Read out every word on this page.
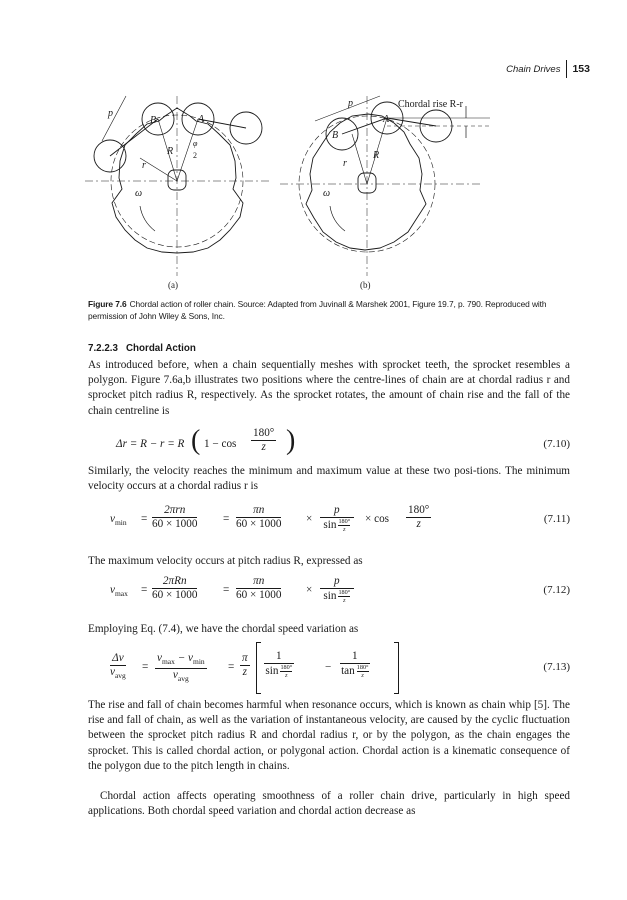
Chain Drives 153
p
B	A
φ
2
R
r
ω
(a)
p	Chordal rise R-r
B
A
R
r
ω
(b)
Figure 7.6 Chordal action of roller chain. Source: Adapted from Juvinall & Marshek 2001, Figure 19.7, p. 790. Reproduced with permission of John Wiley & Sons, Inc.
7.2.2.3 Chordal Action
As introduced before, when a chain sequentially meshes with sprocket teeth, the sprocket resembles a polygon. Figure 7.6a,b illustrates two positions where the centre-lines of chain are at chordal radius r and sprocket pitch radius R, respectively. As the sprocket rotates, the amount of chain rise and the fall of the chain centreline is
Δr = R − r = R ( $1 - \cos \frac{180^\circ}{z}$ )	(7.10)
Similarly, the velocity reaches the minimum and maximum value at these two posi-tions. The minimum velocity occurs at a chordal radius r is
$v_{min}$ =
2πrn
$60 \times 1000 = \frac{\pi n}{60 \times 1000} \times \frac{p}{\sin \frac{180^\circ}{z}} \times \cos \frac{180^\circ}{z}$	(7.11)
The maximum velocity occurs at pitch radius R, expressed as
$v_{max}$ =
2πRn
$60 \times 1000 = \frac{\pi n}{60 \times 1000} \times \frac{p}{\sin \frac{180^\circ}{z}}$	(7.12)
Employing Eq. (7.4), we have the chordal speed variation as
Δv
$v_{avg}$
=
$v_{max} - v_{min}$
$v_{avg}$
= $\frac{\pi}{z} \frac{1}{\sin \frac{180^\circ}{z}}$	− $\frac{1}{\tan \frac{180^\circ}{z}}$	(7.13)
The rise and fall of chain becomes harmful when resonance occurs, which is known as chain whip [5]. The rise and fall of chain, as well as the variation of instantaneous velocity, are caused by the cyclic fluctuation between the sprocket pitch radius R and chordal radius r, or by the polygon, as the chain engages the sprocket. This is called chordal action, or polygonal action. Chordal action is a kinematic consequence of the polygon due to the pitch length in chains.
Chordal action affects operating smoothness of a roller chain drive, particularly in high speed applications. Both chordal speed variation and chordal action decrease as
